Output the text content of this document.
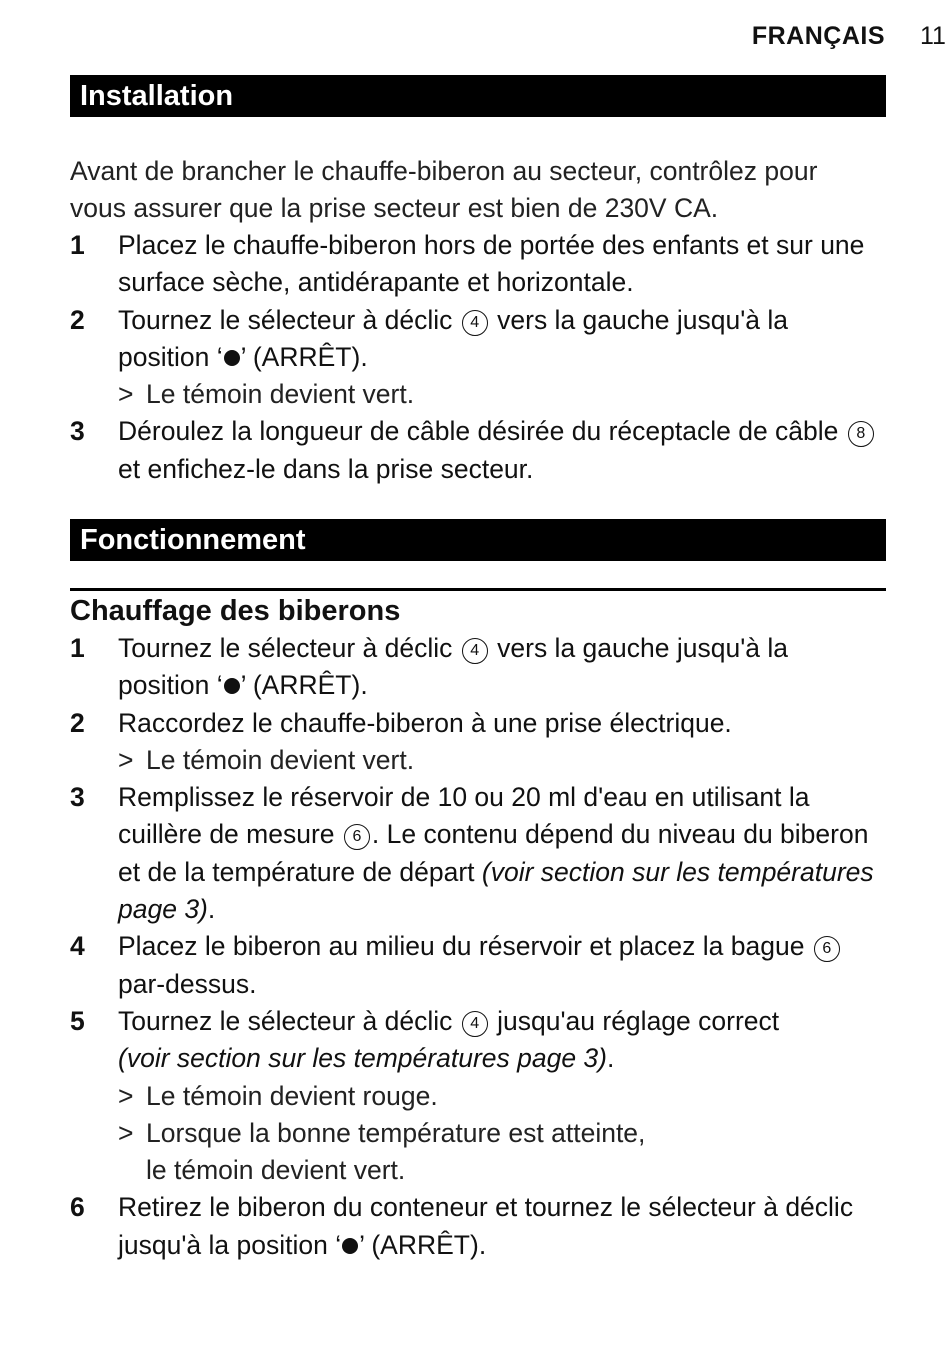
FRANÇAIS 11
Installation
Avant de brancher le chauffe-biberon au secteur, contrôlez pour
vous assurer que la prise secteur est bien de 230V CA.
1 Placez le chauffe-biberon hors de portée des enfants et sur une surface sèche, antidérapante et horizontale.
2 Tournez le sélecteur à déclic 4 vers la gauche jusqu'à la position ‘ ’ (ARRÊT).
> Le témoin devient vert.
3 Déroulez la longueur de câble désirée du réceptacle de câble 8 et enfichez-le dans la prise secteur.
Fonctionnement
Chauffage des biberons
1 Tournez le sélecteur à déclic 4 vers la gauche jusqu'à la position ‘ ’ (ARRÊT).
2 Raccordez le chauffe-biberon à une prise électrique.
> Le témoin devient vert.
3 Remplissez le réservoir de 10 ou 20 ml d'eau en utilisant la cuillère de mesure 6 . Le contenu dépend du niveau du biberon et de la température de départ (voir section sur les températures page 3).
4 Placez le biberon au milieu du réservoir et placez la bague 6 par-dessus.
5 Tournez le sélecteur à déclic 4 jusqu'au réglage correct
(voir section sur les températures page 3).
> Le témoin devient rouge.
> Lorsque la bonne température est atteinte,
le témoin devient vert.
6 Retirez le biberon du conteneur et tournez le sélecteur à déclic jusqu'à la position ‘ ’ (ARRÊT).
